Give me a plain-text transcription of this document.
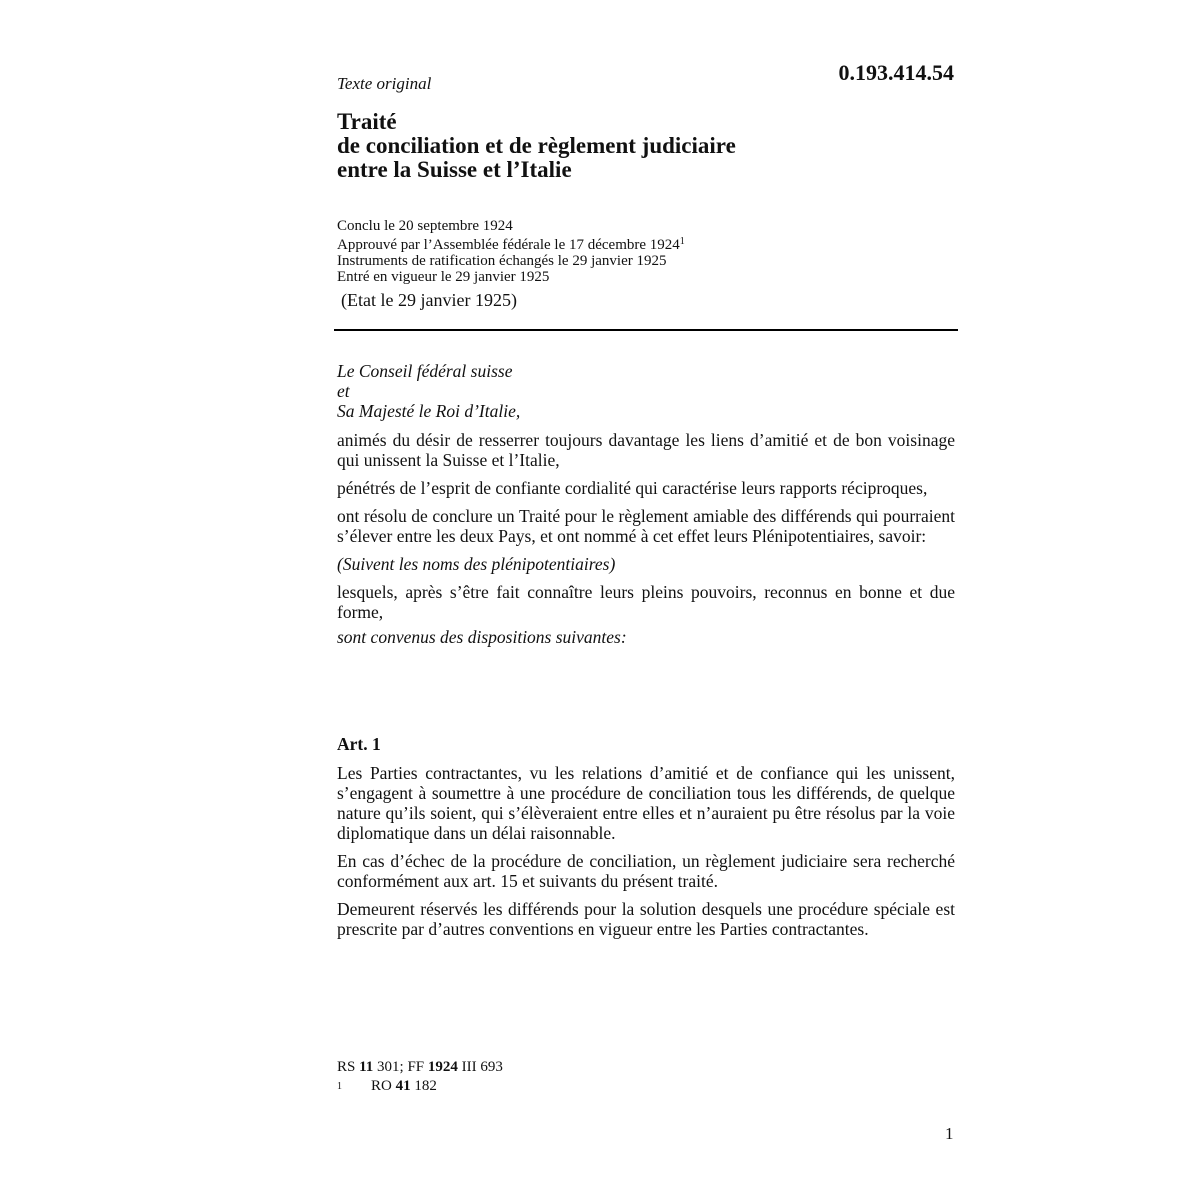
0.193.414.54
Texte original
Traité
de conciliation et de règlement judiciaire
entre la Suisse et l’Italie
Conclu le 20 septembre 1924
Approuvé par l’Assemblée fédérale le 17 décembre 1924$^1$
Instruments de ratification échangés le 29 janvier 1925
Entré en vigueur le 29 janvier 1925
(Etat le 29 janvier 1925)
Le Conseil fédéral suisse
et
Sa Majesté le Roi d’Italie,

animés du désir de resserrer toujours davantage les liens d’amitié et de bon voisinage qui unissent la Suisse et l’Italie,

pénétrés de l’esprit de confiante cordialité qui caractérise leurs rapports réciproques,

ont résolu de conclure un Traité pour le règlement amiable des différends qui pourraient s’élever entre les deux Pays, et ont nommé à cet effet leurs Plénipotentiaires, savoir:

(Suivent les noms des plénipotentiaires)

lesquels, après s’être fait connaître leurs pleins pouvoirs, reconnus en bonne et due forme,

sont convenus des dispositions suivantes:

Art. 1

Les Parties contractantes, vu les relations d’amitié et de confiance qui les unissent, s’engagent à soumettre à une procédure de conciliation tous les différends, de quelque nature qu’ils soient, qui s’élèveraient entre elles et n’auraient pu être résolus par la voie diplomatique dans un délai raisonnable.

En cas d’échec de la procédure de conciliation, un règlement judiciaire sera recherché conformément aux art. 15 et suivants du présent traité.

Demeurent réservés les différends pour la solution desquels une procédure spéciale est prescrite par d’autres conventions en vigueur entre les Parties contractantes.

RS 11 301; FF 1924 III 693
1	RO 41 182
1
